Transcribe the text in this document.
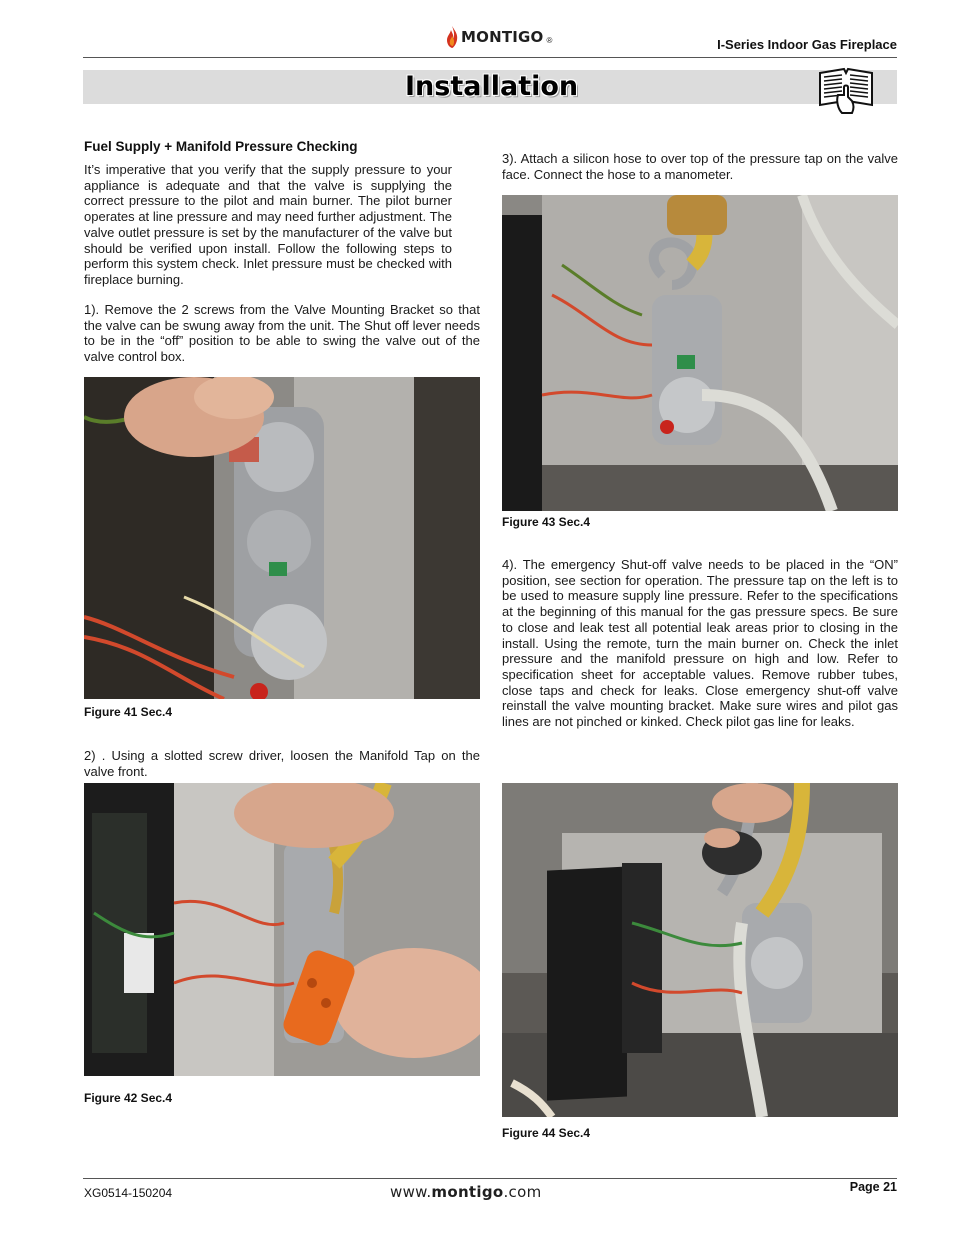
MONTIGO ®	I-Series Indoor Gas Fireplace
Installation
Fuel Supply + Manifold Pressure Checking
It’s imperative that you verify that the supply pressure to your appliance is adequate and that the valve is supplying the correct pressure to the pilot and main burner. The pilot burner operates at line pressure and may need further adjustment. The valve outlet pressure is set by the manufacturer of the valve but should be verified upon install. Follow the following steps to perform this system check. Inlet pressure must be checked with fireplace burning.
1). Remove the 2 screws from the Valve Mounting Bracket so that the valve can be swung away from the unit. The Shut off lever needs to be in the “off” position to be able to swing the valve out of the valve control box.
Figure 41 Sec.4
2) . Using a slotted screw driver, loosen the Manifold Tap on the valve front.
Figure 42 Sec.4
3). Attach a silicon hose to over top of the pressure tap on the valve face. Connect the hose to a manometer.
Figure 43 Sec.4
4). The emergency Shut-off valve needs to be placed in the “ON” position, see section for operation. The pressure tap on the left is to be used to measure supply line pressure. Refer to the specifications at the beginning of this manual for the gas pressure specs. Be sure to close and leak test all potential leak areas prior to closing in the install. Using the remote, turn the main burner on. Check the inlet pressure and the manifold pressure on high and low. Refer to specification sheet for acceptable values. Remove rubber tubes, close taps and check for leaks. Close emergency shut-off valve reinstall the valve mounting bracket. Make sure wires and pilot gas lines are not pinched or kinked. Check pilot gas line for leaks.
Figure 44 Sec.4
XG0514-150204	www.montigo.com	Page 21
